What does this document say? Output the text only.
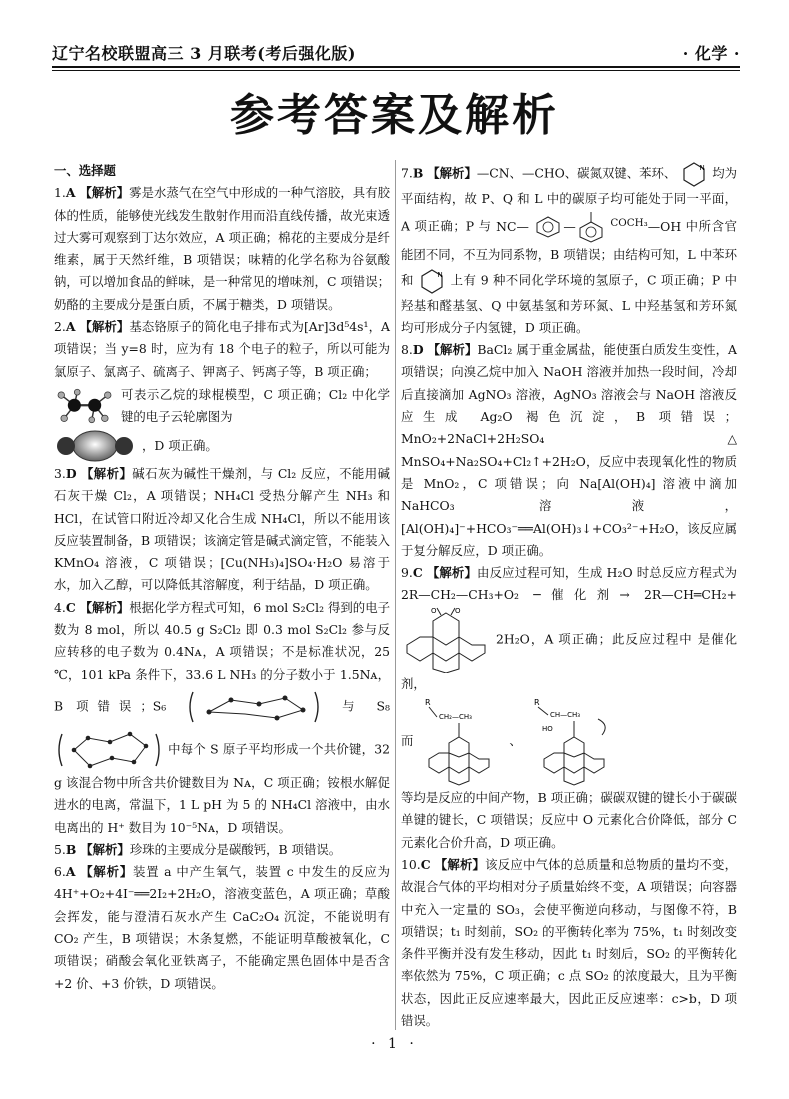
辽宁名校联盟高三 3 月联考(考后强化版)	· 化学 ·
参考答案及解析
一、选择题

1.A 【解析】雾是水蒸气在空气中形成的一种气溶胶，具有胶体的性质，能够使光线发生散射作用而沿直线传播，故光束透过大雾可观察到丁达尔效应，A 项正确；棉花的主要成分是纤维素，属于天然纤维，B 项错误；味精的化学名称为谷氨酸钠，可以增加食品的鲜味，是一种常见的增味剂，C 项错误；奶酪的主要成分是蛋白质，不属于糖类，D 项错误。

2.A 【解析】基态铬原子的简化电子排布式为[Ar]3d⁵4s¹，A 项错误；当 y=8 时，应为有 18 个电子的粒子，所以可能为氯原子、氯离子、硫离子、钾离子、钙离子等，B 项正确；
可表示乙烷的球棍模型，C 项正确；Cl₂ 中化学键的电子云轮廓图为
，D 项正确。

3.D 【解析】碱石灰为碱性干燥剂，与 Cl₂ 反应，不能用碱石灰干燥 Cl₂，A 项错误；NH₄Cl 受热分解产生 NH₃ 和 HCl，在试管口附近冷却又化合生成 NH₄Cl，所以不能用该反应装置制备，B 项错误；该滴定管是碱式滴定管，不能装入 KMnO₄ 溶液，C 项错误；[Cu(NH₃)₄]SO₄·H₂O 易溶于水，加入乙醇，可以降低其溶解度，利于结晶，D 项正确。

4.C 【解析】根据化学方程式可知，6 mol S₂Cl₂ 得到的电子数为 8 mol，所以 40.5 g S₂Cl₂ 即 0.3 mol S₂Cl₂ 参与反应转移的电子数为 0.4Nᴀ，A 项错误；不是标准状况，25 ℃，101 kPa 条件下，33.6 L NH₃ 的分子数小于 1.5Nᴀ，B 项错误；S₆	与 S₈  中每个 S 原子平均形成一个共价键，32 g 该混合物中所含共价键数目为 Nᴀ，C 项正确；铵根水解促进水的电离，常温下，1 L pH 为 5 的 NH₄Cl 溶液中，由水电离出的 H⁺ 数目为 10⁻⁵Nᴀ，D 项错误。

5.B 【解析】珍珠的主要成分是碳酸钙，B 项错误。

6.A 【解析】装置 a 中产生氧气，装置 c 中发生的反应为 4H⁺+O₂+4I⁻══2I₂+2H₂O，溶液变蓝色，A 项正确；草酸会挥发，能与澄清石灰水产生 CaC₂O₄ 沉淀，不能说明有 CO₂ 产生，B 项错误；木条复燃，不能证明草酸被氧化，C 项错误；硝酸会氧化亚铁离子，不能确定黑色固体中是否含+2 价、+3 价铁，D 项错误。

7.B 【解析】—CN、—CHO、碳氮双键、苯环、	N 均为平面结构，故 P、Q 和 L 中的碳原子均可能处于同一平面，A 项正确；P 与 NC— —	$^{COCH_3}$—OH 中所含官能团不同，不互为同系物，B 项错误；由结构可知，L 中苯环和	N 上有 9 种不同化学环境的氢原子，C 项正确；P 中羟基和醛基氢、Q 中氨基氢和芳环氮、L 中羟基氢和芳环氮均可形成分子内氢键，D 项正确。

8.D 【解析】BaCl₂ 属于重金属盐，能使蛋白质发生变性，A 项错误；向溴乙烷中加入 NaOH 溶液并加热一段时间，冷却后直接滴加 AgNO₃ 溶液，AgNO₃ 溶液会与 NaOH 溶液反应生成 Ag₂O 褐色沉淀，B 项错误；MnO₂+2NaCl+2H₂SO₄ △ MnSO₄+Na₂SO₄+Cl₂↑+2H₂O，反应中表现氧化性的物质是 MnO₂，C 项错误；向 Na[Al(OH)₄] 溶液中滴加 NaHCO₃ 溶液，[Al(OH)₄]⁻+HCO₃⁻══Al(OH)₃↓+CO₃²⁻+H₂O，该反应属于复分解反应，D 项正确。

9.C 【解析】由反应过程可知，生成 H₂O 时总反应方程式为 2R—CH₂—CH₃+O₂ ─催化剂→ 2R—CH═CH₂+
O	O
2H₂O，A 项正确；此反应过程中 是催化剂，
而
R
CH₂—CH₃
、
R
CH—CH₃
HO
等均是反应的中间产物，B 项正确；碳碳双键的键长小于碳碳单键的键长，C 项错误；反应中 O 元素化合价降低，部分 C 元素化合价升高，D 项正确。

10.C 【解析】该反应中气体的总质量和总物质的量均不变，故混合气体的平均相对分子质量始终不变，A 项错误；向容器中充入一定量的 SO₃，会使平衡逆向移动，与图像不符，B 项错误；t₁ 时刻前，SO₂ 的平衡转化率为 75%，t₁ 时刻改变条件平衡并没有发生移动，因此 t₁ 时刻后，SO₂ 的平衡转化率依然为 75%，C 项正确；c 点 SO₂ 的浓度最大，且为平衡状态，因此正反应速率最大，因此正反应速率：c>b，D 项错误。

· 1 ·
